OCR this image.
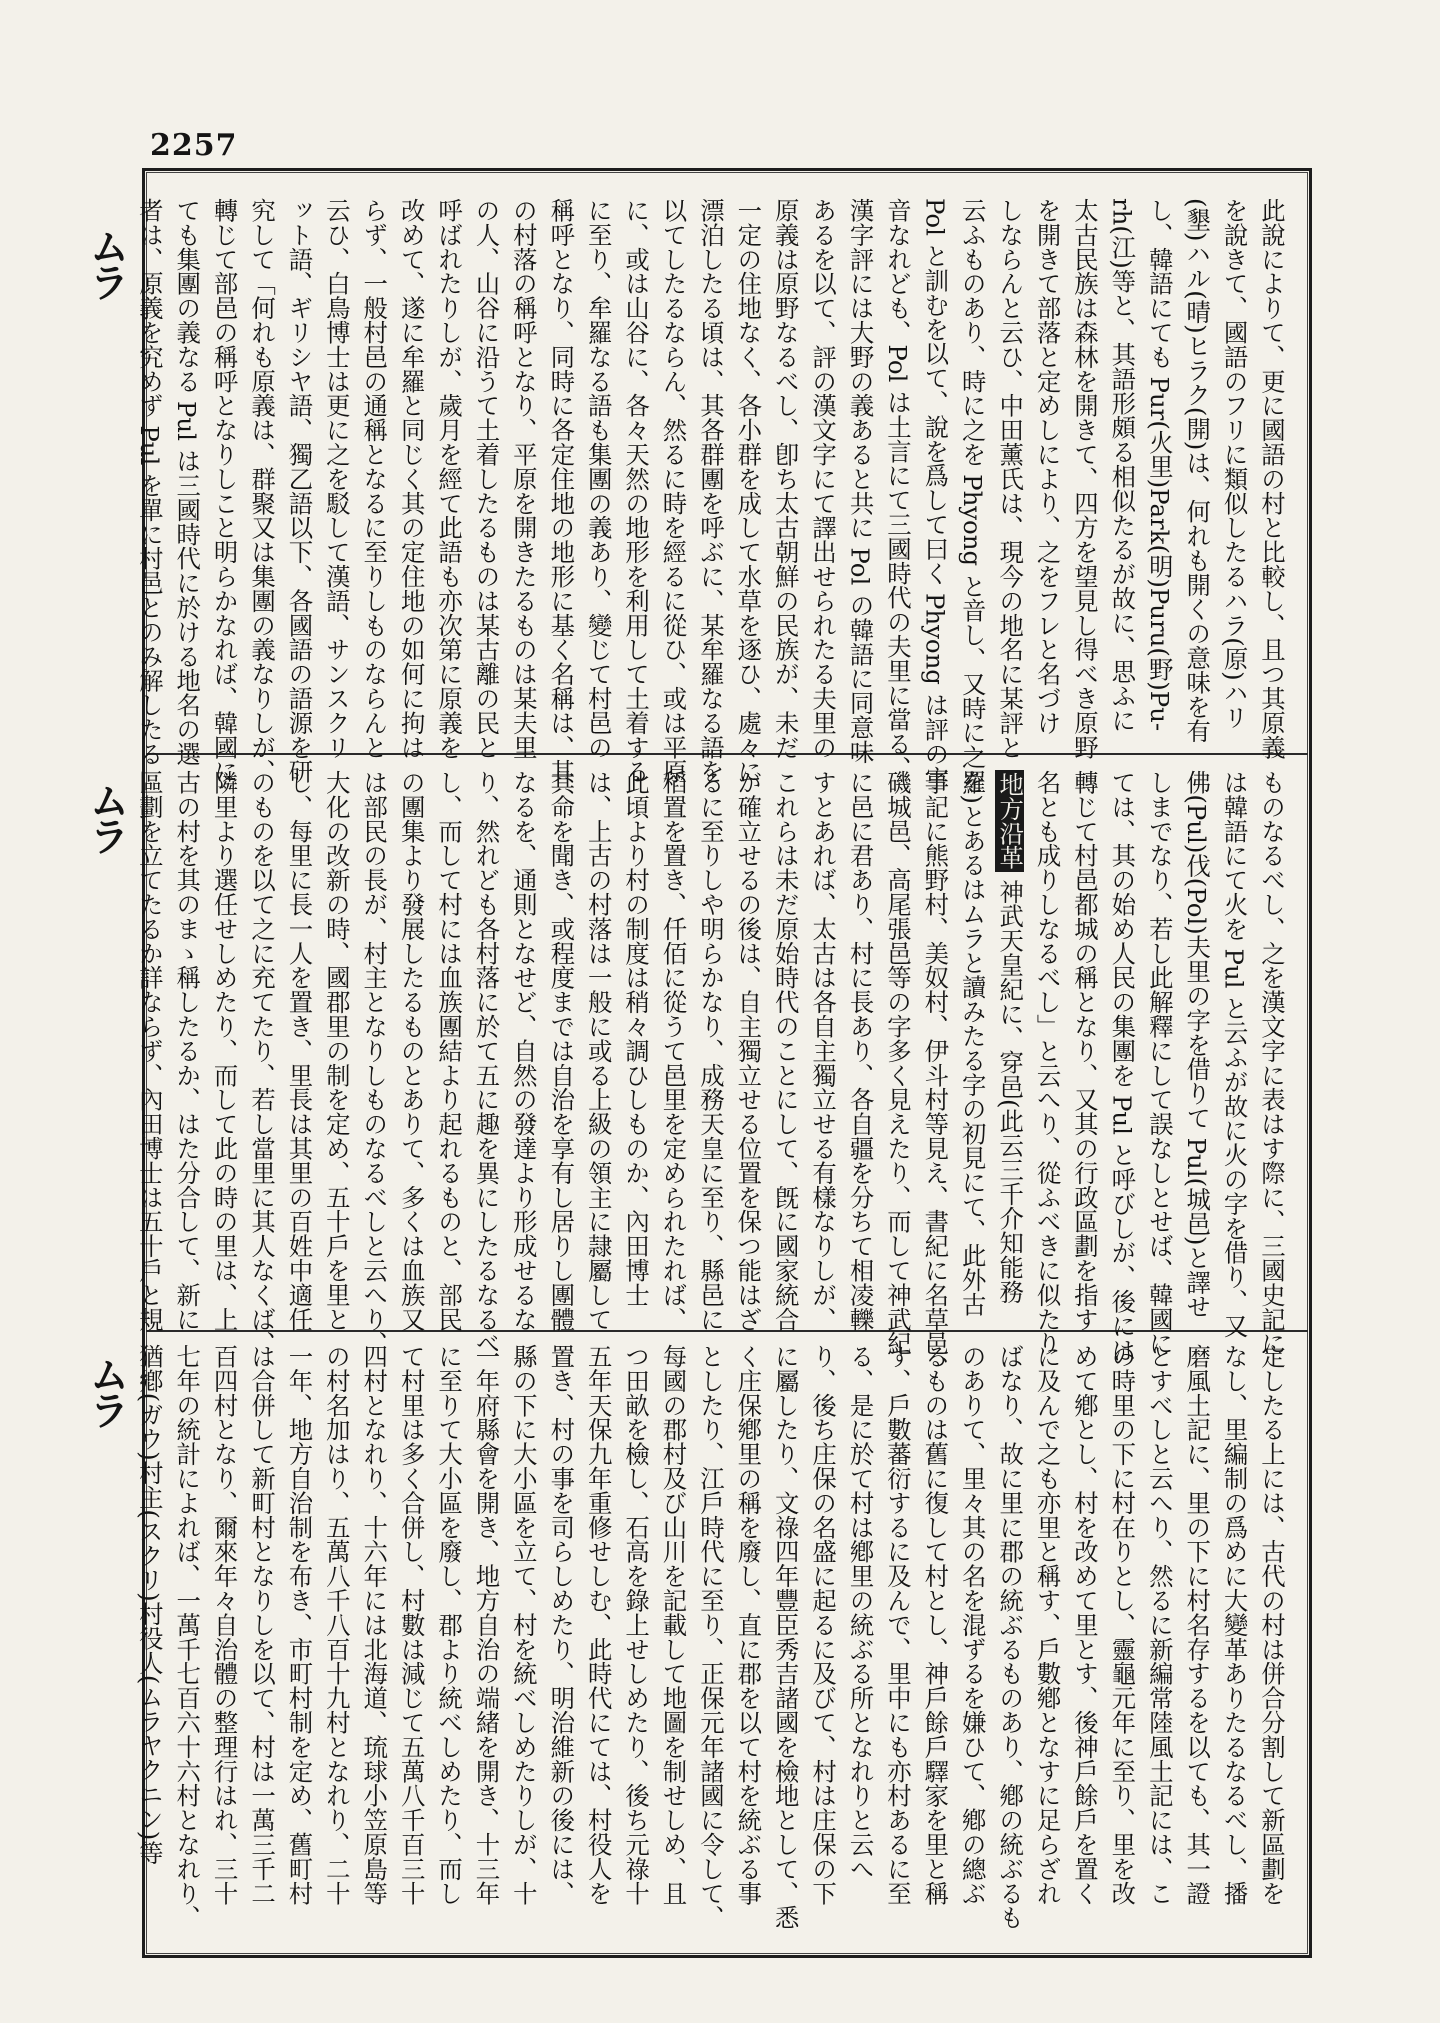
2257
ムラ
ムラ
ムラ
此說によりて、更に國語の村と比較し、且つ其原義
を說きて、國語のフリに類似したるハラ(原)ハリ
(墾)ハル(晴)ヒラク(開)は、何れも開くの意味を有
し、韓語にても Pur(火里)Park(明)Puru(野)Pu-
rh(江)等と、其語形頗る相似たるが故に、思ふに
太古民族は森林を開きて、四方を望見し得べき原野
を開きて部落と定めしにより、之をフレと名づけ
しならんと云ひ、中田薰氏は、現今の地名に某評と
云ふものあり、時に之を Phyong と音し、又時に之を
Pol と訓むを以て、說を爲して曰く Phyong は評の字
音なれども、Pol は土言にて三國時代の夫里に當る、
漢字評には大野の義あると共に Pol の韓語に同意味
あるを以て、評の漢文字にて譯出せられたる夫里の
原義は原野なるべし、卽ち太古朝鮮の民族が、未だ
一定の住地なく、各小群を成して水草を逐ひ、處々に
漂泊したる頃は、其各群團を呼ぶに、某牟羅なる語を
以てしたるならん、然るに時を經るに從ひ、或は平原
に、或は山谷に、各々天然の地形を利用して土着する
に至り、牟羅なる語も集團の義あり、變じて村邑の
稱呼となり、同時に各定住地の地形に基く名稱は、其
の村落の稱呼となり、平原を開きたるものは某夫里
の人、山谷に沿うて土着したるものは某古離の民と
呼ばれたりしが、歲月を經て此語も亦次第に原義を
改めて、遂に牟羅と同じく其の定住地の如何に拘は
らず、一般村邑の通稱となるに至りしものならんと
云ひ、白鳥博士は更に之を駁して漢語、サンスクリ
ット語、ギリシヤ語、獨乙語以下、各國語の語源を研
究して「何れも原義は、群聚又は集團の義なりしが、
轉じて部邑の稱呼となりしこと明らかなれば、韓國に
ても集團の義なる Pul は三國時代に於ける地名の選
者は、原義を究めず Pul を單に村邑とのみ解したる
ものなるべし、之を漢文字に表はす際に、三國史記に
は韓語にて火を Pul と云ふが故に火の字を借り、又
佛(Pul)伐(Pol)夫里の字を借りて Pul(城邑)と譯せ
しまでなり、若し此解釋にして誤なしとせば、韓國に
ては、其の始め人民の集團を Pul と呼びしが、後には
轉じて村邑都城の稱となり、又其の行政區劃を指す
名とも成りしなるべし」と云へり、從ふべきに似たり
地方沿革 神武天皇紀に、穿邑(此云三千介知能務
羅)とあるはムラと讀みたる字の初見にて、此外古
事記に熊野村、美奴村、伊斗村等見え、書紀に名草邑、
磯城邑、高尾張邑等の字多く見えたり、而して神武紀
に邑に君あり、村に長あり、各自疆を分ちて相凌轢
すとあれば、太古は各自主獨立せる有樣なりしが、
これらは未だ原始時代のことにして、旣に國家統合
が確立せるの後は、自主獨立せる位置を保つ能はざ
るに至りしや明らかなり、成務天皇に至り、縣邑に
稻置を置き、仟佰に從うて邑里を定められたれば、
此頃より村の制度は稍々調ひしものか、內田博士
は、上古の村落は一般に或る上級の領主に隷屬して
其命を聞き、或程度までは自治を享有し居りし團體
なるを、通則となせど、自然の發達より形成せるな
り、然れども各村落に於て五に趣を異にしたるなるべ
し、而して村には血族團結より起れるものと、部民
の團集より發展したるものとありて、多くは血族又
は部民の長が、村主となりしものなるべしと云へり、
大化の改新の時、國郡里の制を定め、五十戶を里と
し、每里に長一人を置き、里長は其里の百姓中適任
のものを以て之に充てたり、若し當里に其人なくば、
隣里より選任せしめたり、而して此の時の里は、上
古の村を其のまゝ稱したるか、はた分合して、新に
區劃を立てたるか詳ならず、內田博士は五十戶と規
定したる上には、古代の村は併合分割して新區劃を
なし、里編制の爲めに大變革ありたるなるべし、播
磨風土記に、里の下に村名存するを以ても、其一證
とすべしと云へり、然るに新編常陸風土記には、こ
の時里の下に村在りとし、靈龜元年に至り、里を改
めて鄕とし、村を改めて里とす、後神戶餘戶を置く
に及んで之も亦里と稱す、戶數鄕となすに足らざれ
ばなり、故に里に郡の統ぶるものあり、鄕の統ぶるも
のありて、里々其の名を混ずるを嫌ひて、鄕の總ぶ
るものは舊に復して村とし、神戶餘戶驛家を里と稱
す、戶數蕃衍するに及んで、里中にも亦村あるに至
る、是に於て村は鄕里の統ぶる所となれりと云へ
り、後ち庄保の名盛に起るに及びて、村は庄保の下
に屬したり、文祿四年豐臣秀吉諸國を檢地として、悉
く庄保鄕里の稱を廢し、直に郡を以て村を統ぶる事
としたり、江戶時代に至り、正保元年諸國に令して、
每國の郡村及び山川を記載して地圖を制せしめ、且
つ田畝を檢し、石高を錄上せしめたり、後ち元祿十
五年天保九年重修せしむ、此時代にては、村役人を
置き、村の事を司らしめたり、明治維新の後には、
縣の下に大小區を立て、村を統べしめたりしが、十
一年府縣會を開き、地方自治の端緒を開き、十三年
に至りて大小區を廢し、郡より統べしめたり、而し
て村里は多く合併し、村數は減じて五萬八千百三十
四村となれり、十六年には北海道、琉球小笠原島等
の村名加はり、五萬八千八百十九村となれり、二十
一年、地方自治制を布き、市町村制を定め、舊町村
は合併して新町村となりしを以て、村は一萬三千二
百四村となり、爾來年々自治體の整理行はれ、三十
七年の統計によれば、一萬千七百六十六村となれり、
猶鄕(ガウ)村主(スクリ)村役人(ムラヤクニン)等
